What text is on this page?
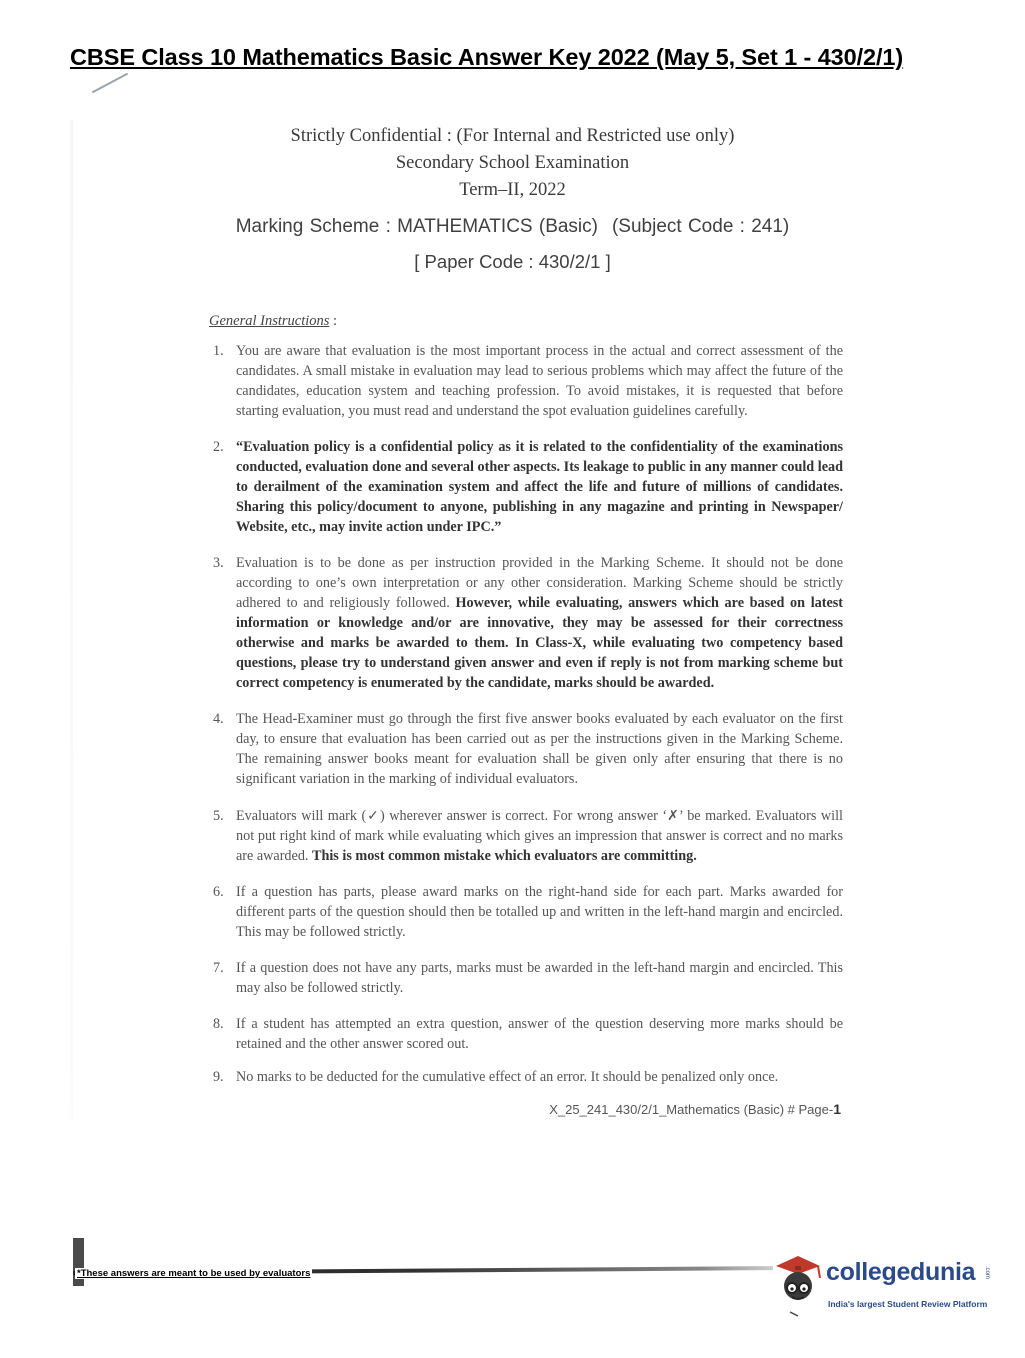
CBSE Class 10 Mathematics Basic Answer Key 2022 (May 5, Set 1 - 430/2/1)
Strictly Confidential : (For Internal and Restricted use only)
Secondary School Examination
Term–II, 2022
Marking Scheme : MATHEMATICS (Basic) (Subject Code : 241)
[ Paper Code : 430/2/1 ]
General Instructions :
1. You are aware that evaluation is the most important process in the actual and correct assessment of the candidates. A small mistake in evaluation may lead to serious problems which may affect the future of the candidates, education system and teaching profession. To avoid mistakes, it is requested that before starting evaluation, you must read and understand the spot evaluation guidelines carefully.
2. “Evaluation policy is a confidential policy as it is related to the confidentiality of the examinations conducted, evaluation done and several other aspects. Its leakage to public in any manner could lead to derailment of the examination system and affect the life and future of millions of candidates. Sharing this policy/document to anyone, publishing in any magazine and printing in Newspaper/ Website, etc., may invite action under IPC.”
3. Evaluation is to be done as per instruction provided in the Marking Scheme. It should not be done according to one’s own interpretation or any other consideration. Marking Scheme should be strictly adhered to and religiously followed. However, while evaluating, answers which are based on latest information or knowledge and/or are innovative, they may be assessed for their correctness otherwise and marks be awarded to them. In Class-X, while evaluating two competency based questions, please try to understand given answer and even if reply is not from marking scheme but correct competency is enumerated by the candidate, marks should be awarded.
4. The Head-Examiner must go through the first five answer books evaluated by each evaluator on the first day, to ensure that evaluation has been carried out as per the instructions given in the Marking Scheme. The remaining answer books meant for evaluation shall be given only after ensuring that there is no significant variation in the marking of individual evaluators.
5. Evaluators will mark (✓) wherever answer is correct. For wrong answer ‘✗’ be marked. Evaluators will not put right kind of mark while evaluating which gives an impression that answer is correct and no marks are awarded. This is most common mistake which evaluators are committing.
6. If a question has parts, please award marks on the right-hand side for each part. Marks awarded for different parts of the question should then be totalled up and written in the left-hand margin and encircled. This may be followed strictly.
7. If a question does not have any parts, marks must be awarded in the left-hand margin and encircled. This may also be followed strictly.
8. If a student has attempted an extra question, answer of the question deserving more marks should be retained and the other answer scored out.
9. No marks to be deducted for the cumulative effect of an error. It should be penalized only once.
X_25_241_430/2/1_Mathematics (Basic) # Page-1
*These answers are meant to be used by evaluators	collegedunia .com
India's largest Student Review Platform
